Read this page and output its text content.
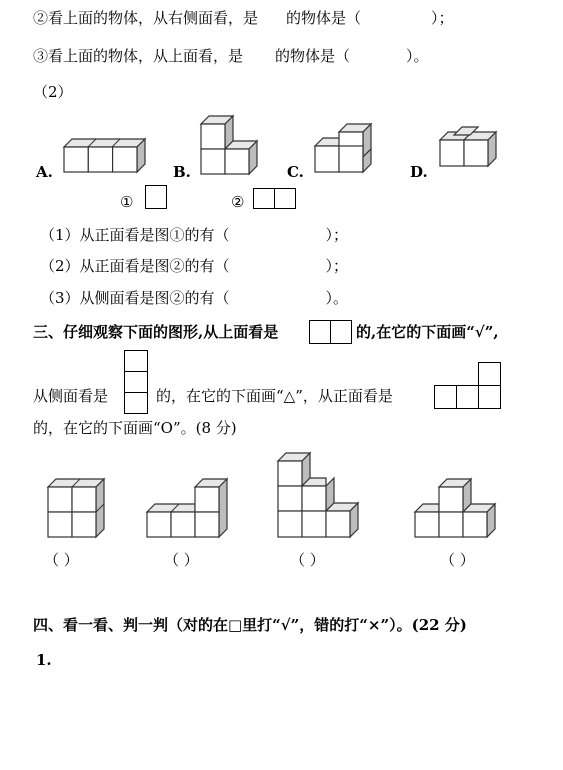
②看上面的物体，从右侧面看，是 的物体是（	）；
③看上面的物体，从上面看，是 的物体是（	）。
（2）
A.	B.	C.	D.
①	②
（1）从正面看是图①的有（	）；
（2）从正面看是图②的有（	）；
（3）从侧面看是图②的有（	）。
三、仔细观察下面的图形,从上面看是	的,在它的下面画“√”,
从侧面看是	的，在它的下面画“△”，从正面看是
的，在它的下面画“O”。(8 分)
（ ）	（ ）	（ ）	（ ）
四、看一看、判一判（对的在□里打“√”，错的打“×”）。(22 分)
1.
